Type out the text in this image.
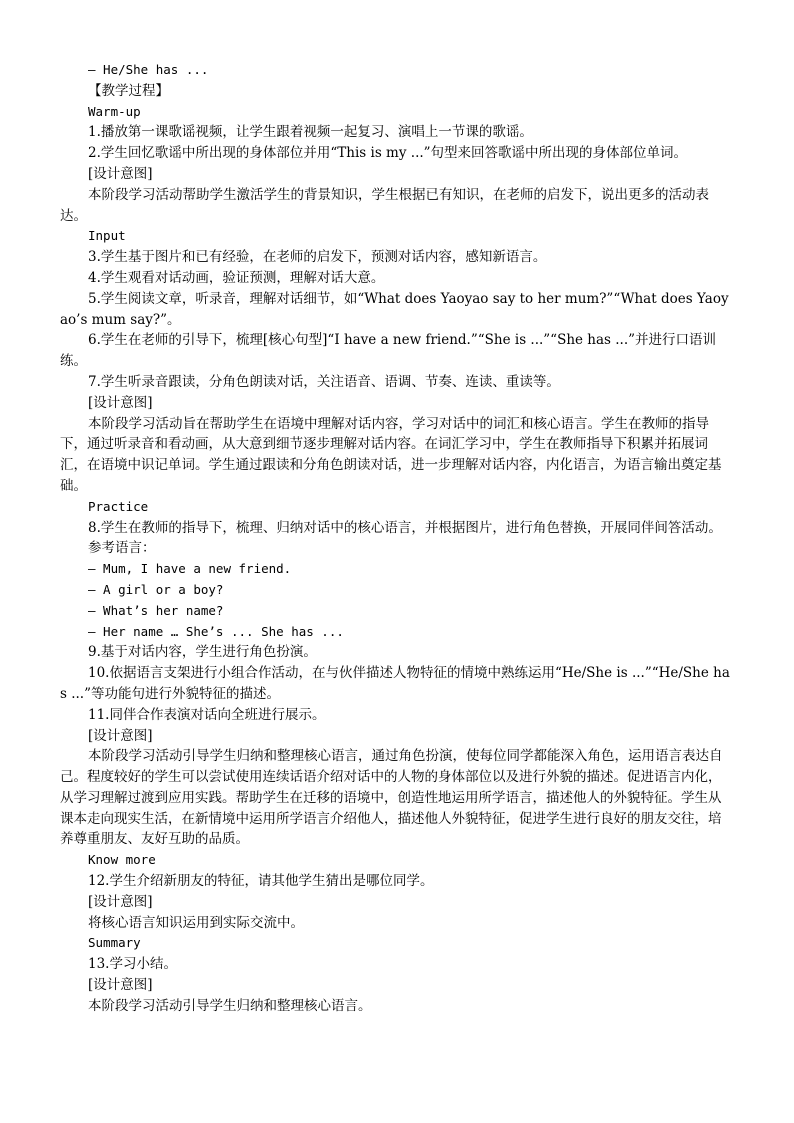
— He/She has ...

【教学过程】

Warm-up

1.播放第一课歌谣视频，让学生跟着视频一起复习、演唱上一节课的歌谣。

2.学生回忆歌谣中所出现的身体部位并用“This is my ...”句型来回答歌谣中所出现的身体部位单词。

[设计意图]

本阶段学习活动帮助学生激活学生的背景知识，学生根据已有知识，在老师的启发下，说出更多的活动表达。

Input

3.学生基于图片和已有经验，在老师的启发下，预测对话内容，感知新语言。

4.学生观看对话动画，验证预测，理解对话大意。

5.学生阅读文章，听录音，理解对话细节，如“What does Yaoyao say to her mum?”“What does Yaoyao’s mum say?”。

6.学生在老师的引导下，梳理[核心句型]“I have a new friend.”“She is ...”“She has ...”并进行口语训练。

7.学生听录音跟读，分角色朗读对话，关注语音、语调、节奏、连读、重读等。

[设计意图]

本阶段学习活动旨在帮助学生在语境中理解对话内容，学习对话中的词汇和核心语言。学生在教师的指导下，通过听录音和看动画，从大意到细节逐步理解对话内容。在词汇学习中，学生在教师指导下积累并拓展词汇，在语境中识记单词。学生通过跟读和分角色朗读对话，进一步理解对话内容，内化语言，为语言输出奠定基础。

Practice

8.学生在教师的指导下，梳理、归纳对话中的核心语言，并根据图片，进行角色替换，开展同伴间答活动。

参考语言：

— Mum, I have a new friend.

— A girl or a boy?

— What’s her name?

— Her name … She’s ... She has ...

9.基于对话内容，学生进行角色扮演。

10.依据语言支架进行小组合作活动，在与伙伴描述人物特征的情境中熟练运用“He/She is ...”“He/She has ...”等功能句进行外貌特征的描述。

11.同伴合作表演对话向全班进行展示。

[设计意图]

本阶段学习活动引导学生归纳和整理核心语言，通过角色扮演，使每位同学都能深入角色，运用语言表达自己。程度较好的学生可以尝试使用连续话语介绍对话中的人物的身体部位以及进行外貌的描述。促进语言内化，从学习理解过渡到应用实践。帮助学生在迁移的语境中，创造性地运用所学语言，描述他人的外貌特征。学生从课本走向现实生活，在新情境中运用所学语言介绍他人，描述他人外貌特征，促进学生进行良好的朋友交往，培养尊重朋友、友好互助的品质。

Know more

12.学生介绍新朋友的特征，请其他学生猜出是哪位同学。

[设计意图]

将核心语言知识运用到实际交流中。

Summary

13.学习小结。

[设计意图]

本阶段学习活动引导学生归纳和整理核心语言。
